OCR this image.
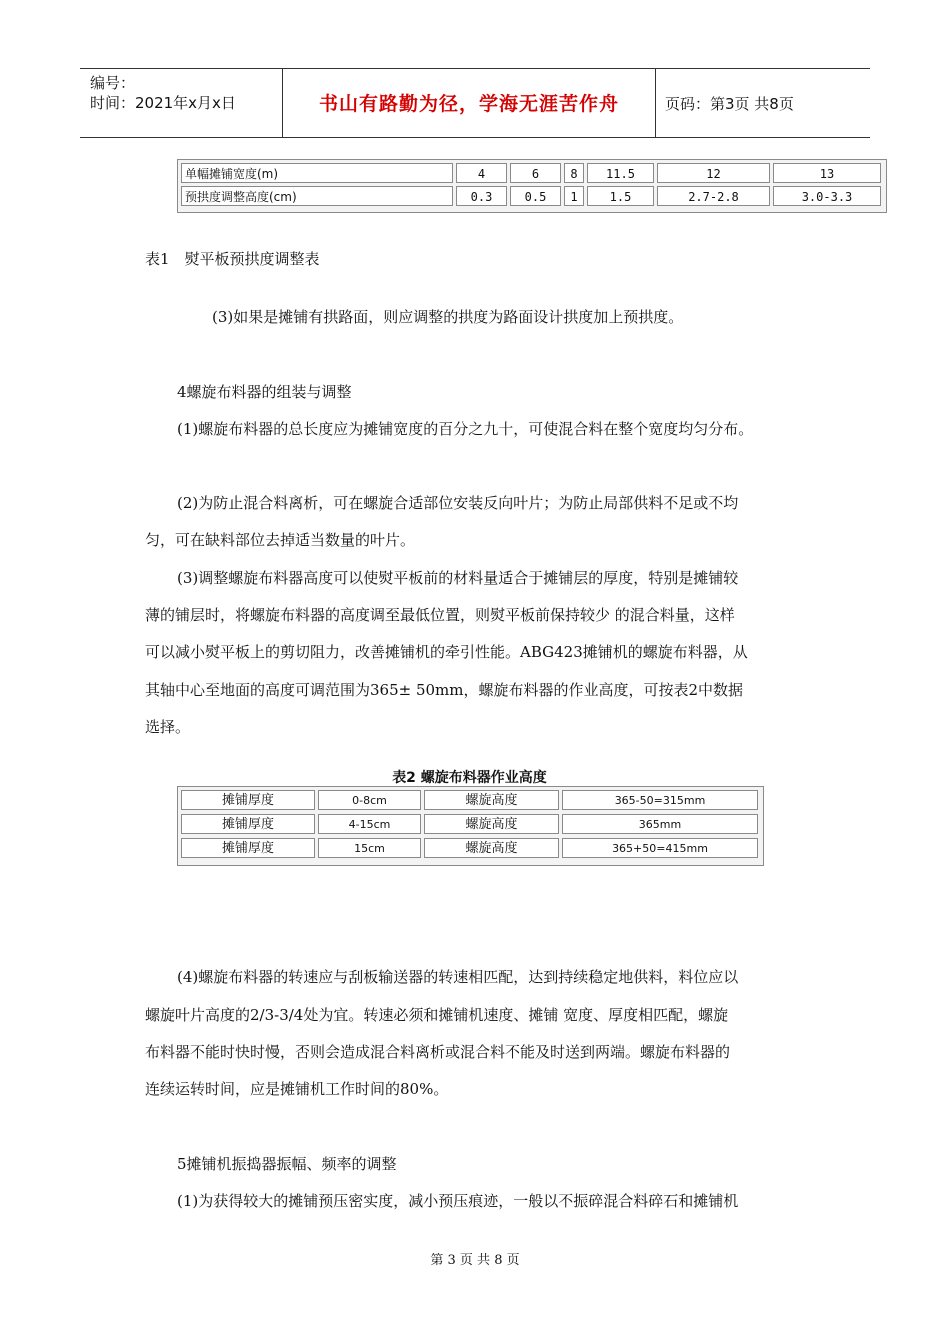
编号：
时间：2021年x月x日	书山有路勤为径，学海无涯苦作舟	页码：第3页 共8页
单幅摊铺宽度(m)	4	6	8	11.5	12	13
预拱度调整高度(cm)	0.3	0.5	1	1.5	2.7-2.8	3.0-3.3
表1　熨平板预拱度调整表
(3)如果是摊铺有拱路面，则应调整的拱度为路面设计拱度加上预拱度。
4螺旋布料器的组装与调整
(1)螺旋布料器的总长度应为摊铺宽度的百分之九十，可使混合料在整个宽度均匀分布。
(2)为防止混合料离析，可在螺旋合适部位安装反向叶片；为防止局部供料不足或不均
匀，可在缺料部位去掉适当数量的叶片。
(3)调整螺旋布料器高度可以使熨平板前的材料量适合于摊铺层的厚度，特别是摊铺较
薄的铺层时，将螺旋布料器的高度调至最低位置，则熨平板前保持较少 的混合料量，这样
可以减小熨平板上的剪切阻力，改善摊铺机的牵引性能。ABG423摊铺机的螺旋布料器，从
其轴中心至地面的高度可调范围为365± 50mm，螺旋布料器的作业高度，可按表2中数据
选择。
表2 螺旋布料器作业高度
摊铺厚度	0-8cm	螺旋高度	365-50=315mm
摊铺厚度	4-15cm	螺旋高度	365mm
摊铺厚度	15cm	螺旋高度	365+50=415mm
(4)螺旋布料器的转速应与刮板输送器的转速相匹配，达到持续稳定地供料，料位应以
螺旋叶片高度的2/3-3/4处为宜。转速必须和摊铺机速度、摊铺 宽度、厚度相匹配，螺旋
布料器不能时快时慢，否则会造成混合料离析或混合料不能及时送到两端。螺旋布料器的
连续运转时间，应是摊铺机工作时间的80%。
5摊铺机振捣器振幅、频率的调整
(1)为获得较大的摊铺预压密实度，减小预压痕迹，一般以不振碎混合料碎石和摊铺机
第 3 页 共 8 页
